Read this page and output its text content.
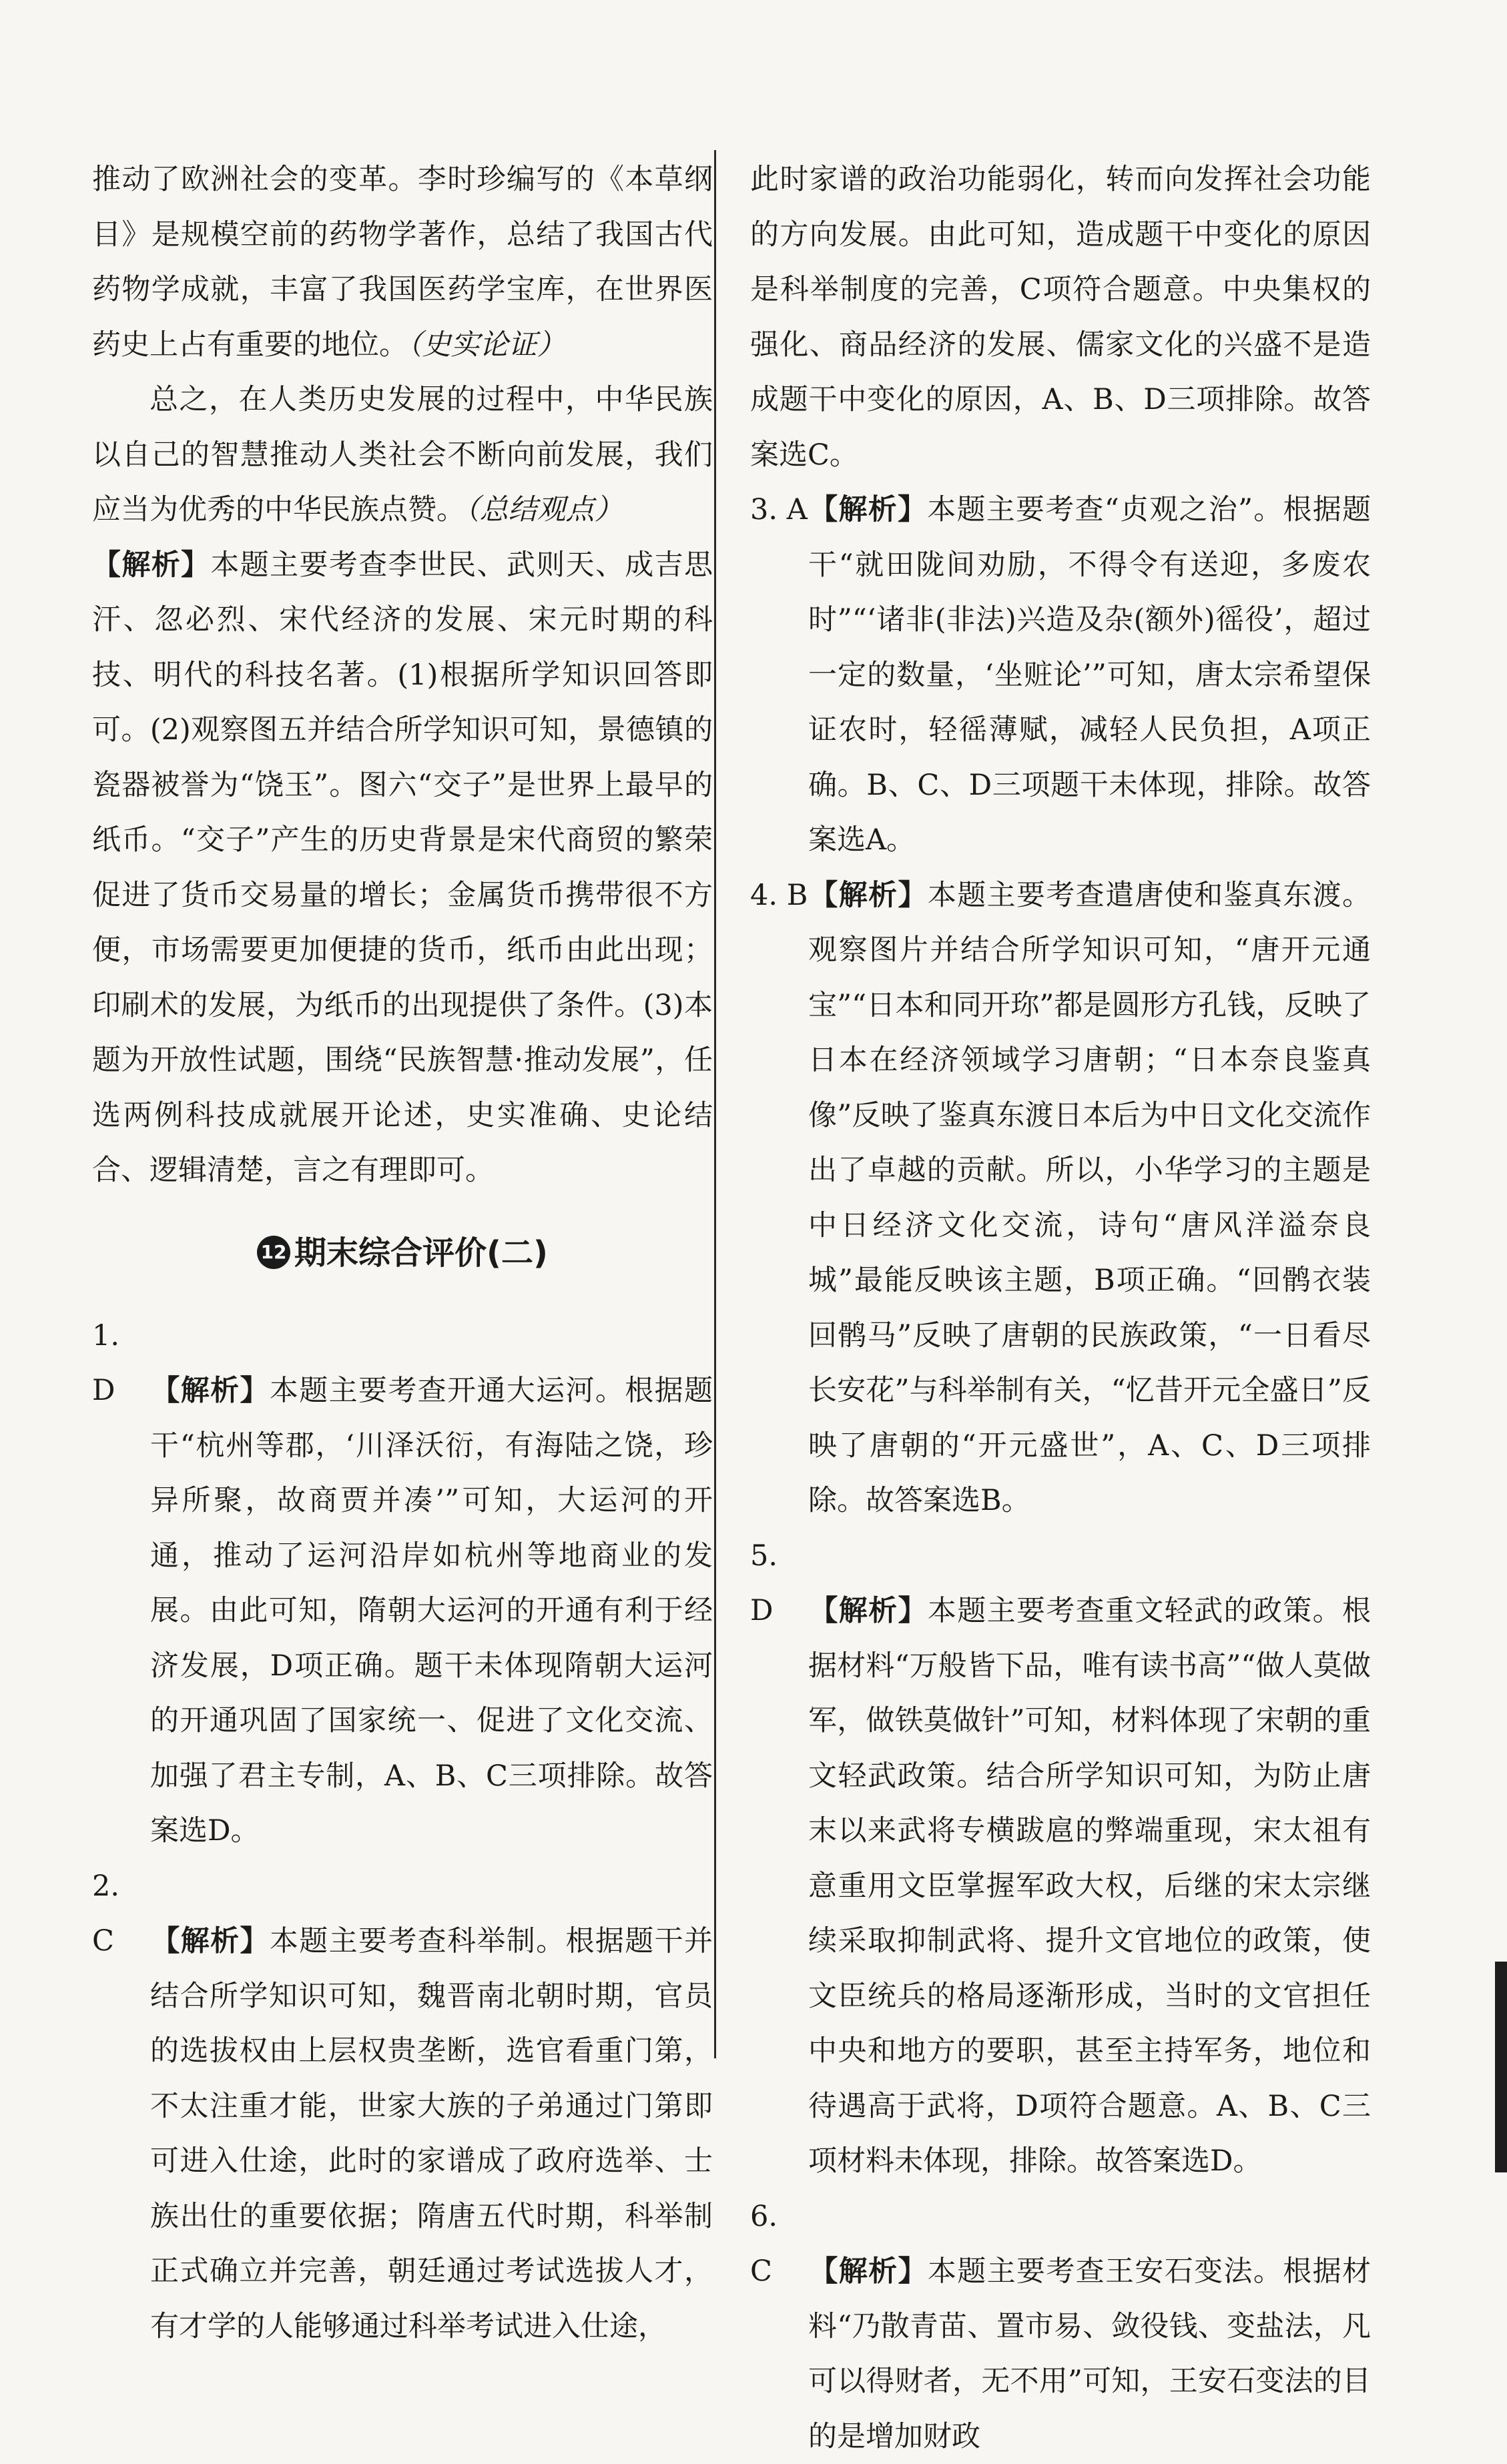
推动了欧洲社会的变革。李时珍编写的《本草纲目》是规模空前的药物学著作，总结了我国古代药物学成就，丰富了我国医药学宝库，在世界医药史上占有重要的地位。（史实论证）

总之，在人类历史发展的过程中，中华民族以自己的智慧推动人类社会不断向前发展，我们应当为优秀的中华民族点赞。（总结观点）

【解析】本题主要考查李世民、武则天、成吉思汗、忽必烈、宋代经济的发展、宋元时期的科技、明代的科技名著。(1)根据所学知识回答即可。(2)观察图五并结合所学知识可知，景德镇的瓷器被誉为“饶玉”。图六“交子”是世界上最早的纸币。“交子”产生的历史背景是宋代商贸的繁荣促进了货币交易量的增长；金属货币携带很不方便，市场需要更加便捷的货币，纸币由此出现；印刷术的发展，为纸币的出现提供了条件。(3)本题为开放性试题，围绕“民族智慧·推动发展”，任选两例科技成就展开论述，史实准确、史论结合、逻辑清楚，言之有理即可。

12 期末综合评价(二)

1. D 【解析】本题主要考查开通大运河。根据题干“杭州等郡，‘川泽沃衍，有海陆之饶，珍异所聚，故商贾并凑’”可知，大运河的开通，推动了运河沿岸如杭州等地商业的发展。由此可知，隋朝大运河的开通有利于经济发展，D项正确。题干未体现隋朝大运河的开通巩固了国家统一、促进了文化交流、加强了君主专制，A、B、C三项排除。故答案选D。

2. C 【解析】本题主要考查科举制。根据题干并结合所学知识可知，魏晋南北朝时期，官员的选拔权由上层权贵垄断，选官看重门第，不太注重才能，世家大族的子弟通过门第即可进入仕途，此时的家谱成了政府选举、士族出仕的重要依据；隋唐五代时期，科举制正式确立并完善，朝廷通过考试选拔人才，有才学的人能够通过科举考试进入仕途，

此时家谱的政治功能弱化，转而向发挥社会功能的方向发展。由此可知，造成题干中变化的原因是科举制度的完善，C项符合题意。中央集权的强化、商品经济的发展、儒家文化的兴盛不是造成题干中变化的原因，A、B、D三项排除。故答案选C。

3. A【解析】本题主要考查“贞观之治”。根据题干“就田陇间劝励，不得令有送迎，多废农时”“‘诸非(非法)兴造及杂(额外)徭役’，超过一定的数量，‘坐赃论’”可知，唐太宗希望保证农时，轻徭薄赋，减轻人民负担，A项正确。B、C、D三项题干未体现，排除。故答案选A。

4. B【解析】本题主要考查遣唐使和鉴真东渡。观察图片并结合所学知识可知，“唐开元通宝”“日本和同开珎”都是圆形方孔钱，反映了日本在经济领域学习唐朝；“日本奈良鉴真像”反映了鉴真东渡日本后为中日文化交流作出了卓越的贡献。所以，小华学习的主题是中日经济文化交流，诗句“唐风洋溢奈良城”最能反映该主题，B项正确。“回鹘衣装回鹘马”反映了唐朝的民族政策，“一日看尽长安花”与科举制有关，“忆昔开元全盛日”反映了唐朝的“开元盛世”，A、C、D三项排除。故答案选B。

5. D 【解析】本题主要考查重文轻武的政策。根据材料“万般皆下品，唯有读书高”“做人莫做军，做铁莫做针”可知，材料体现了宋朝的重文轻武政策。结合所学知识可知，为防止唐末以来武将专横跋扈的弊端重现，宋太祖有意重用文臣掌握军政大权，后继的宋太宗继续采取抑制武将、提升文官地位的政策，使文臣统兵的格局逐渐形成，当时的文官担任中央和地方的要职，甚至主持军务，地位和待遇高于武将，D项符合题意。A、B、C三项材料未体现，排除。故答案选D。

6. C 【解析】本题主要考查王安石变法。根据材料“乃散青苗、置市易、敛役钱、变盐法，凡可以得财者，无不用”可知，王安石变法的目的是增加财政
